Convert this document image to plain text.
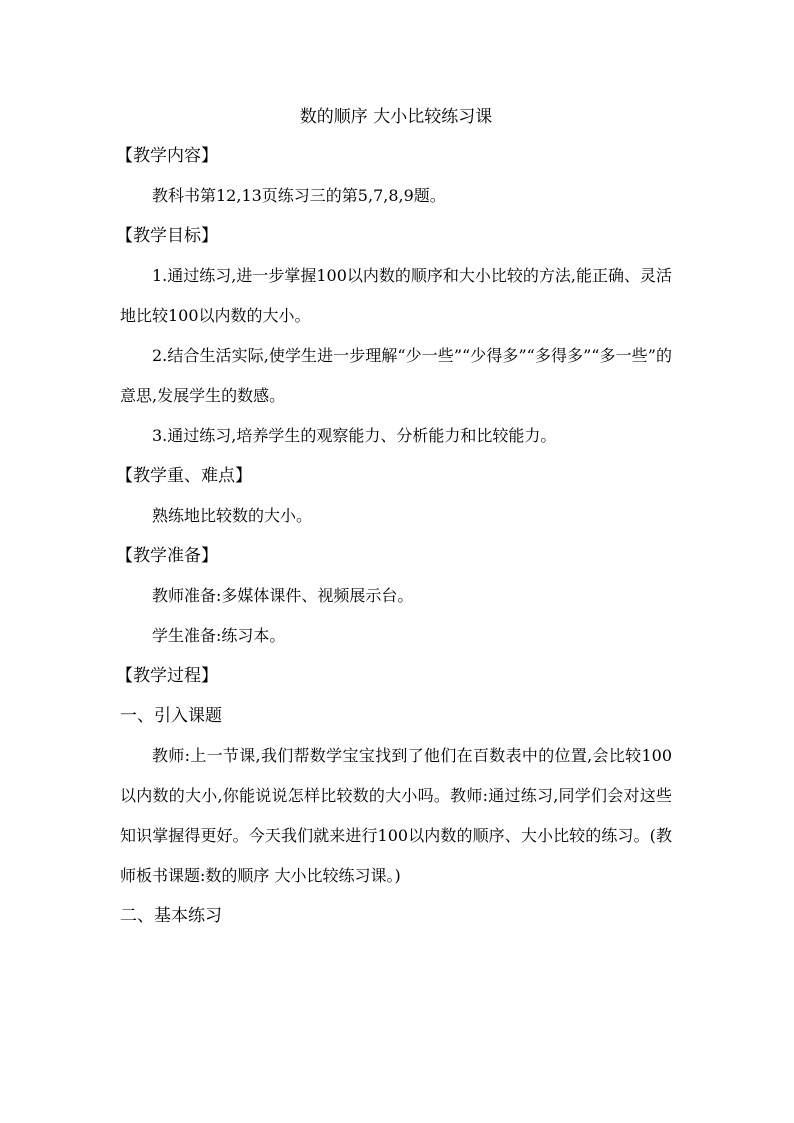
数的顺序 大小比较练习课

【教学内容】

教科书第12,13页练习三的第5,7,8,9题。

【教学目标】

1.通过练习,进一步掌握100以内数的顺序和大小比较的方法,能正确、灵活地比较100以内数的大小。

2.结合生活实际,使学生进一步理解“少一些”“少得多”“多得多”“多一些”的意思,发展学生的数感。

3.通过练习,培养学生的观察能力、分析能力和比较能力。

【教学重、难点】

熟练地比较数的大小。

【教学准备】

教师准备:多媒体课件、视频展示台。

学生准备:练习本。

【教学过程】

一、引入课题

教师:上一节课,我们帮数学宝宝找到了他们在百数表中的位置,会比较100以内数的大小,你能说说怎样比较数的大小吗。教师:通过练习,同学们会对这些知识掌握得更好。今天我们就来进行100以内数的顺序、大小比较的练习。(教师板书课题:数的顺序 大小比较练习课。)

二、基本练习
